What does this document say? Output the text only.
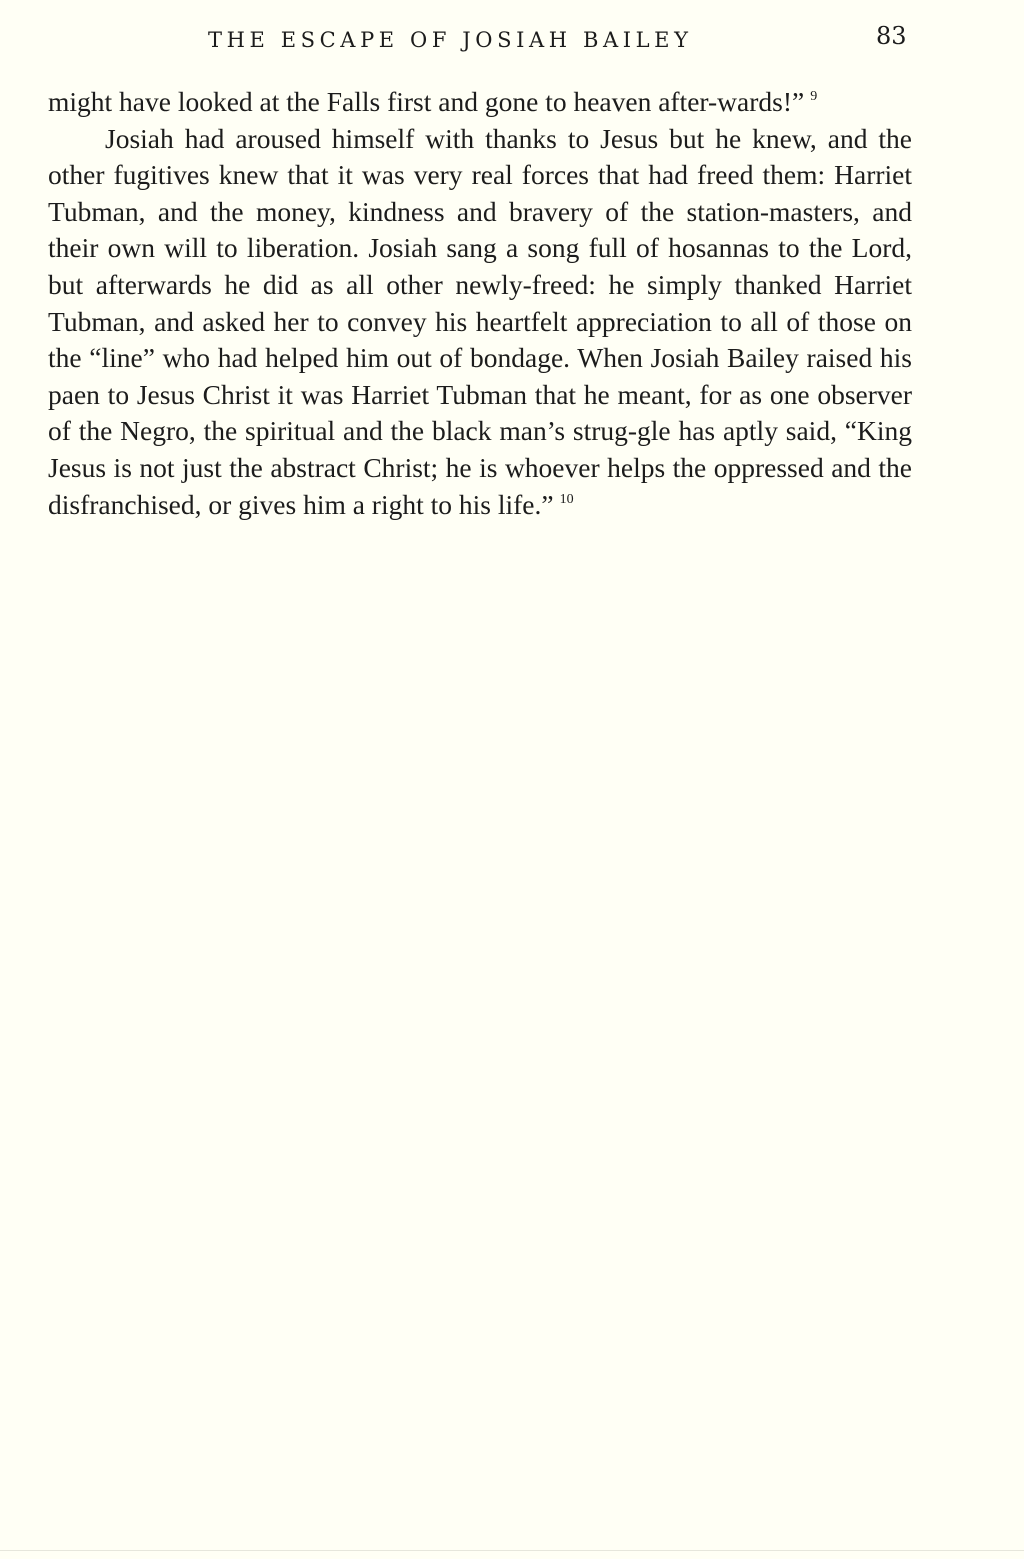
THE ESCAPE OF JOSIAH BAILEY	83

might have looked at the Falls first and gone to heaven after-wards!” $^9$

Josiah had aroused himself with thanks to Jesus but he knew, and the other fugitives knew that it was very real forces that had freed them: Harriet Tubman, and the money, kindness and bravery of the station-masters, and their own will to liberation. Josiah sang a song full of hosannas to the Lord, but afterwards he did as all other newly-freed: he simply thanked Harriet Tubman, and asked her to convey his heartfelt appreciation to all of those on the “line” who had helped him out of bondage. When Josiah Bailey raised his paen to Jesus Christ it was Harriet Tubman that he meant, for as one observer of the Negro, the spiritual and the black man’s strug-gle has aptly said, “King Jesus is not just the abstract Christ; he is whoever helps the oppressed and the disfranchised, or gives him a right to his life.” $^{10}$
